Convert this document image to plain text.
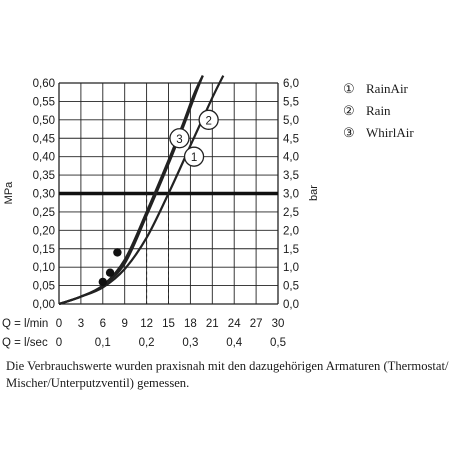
3
2
1
0,00
0,05
0,10
0,15
0,20
0,25
0,30
0,35
0,40
0,45
0,50
0,55
0,60
0,0
0,5
1,0
1,5
2,0
2,5
3,0
3,5
4,0
4,5
5,0
5,5
6,0
0 3 6 9 12 15 18 21 24 27 30
0	0,1 0,2 0,3 0,4 0,5
Q = l/min
Q = l/sec
MPa	bar
① RainAir
② Rain
③ WhirlAir
Die Verbrauchswerte wurden praxisnah mit den dazugehörigen Armaturen (Thermostat/ Mischer/Unterputzventil) gemessen.
